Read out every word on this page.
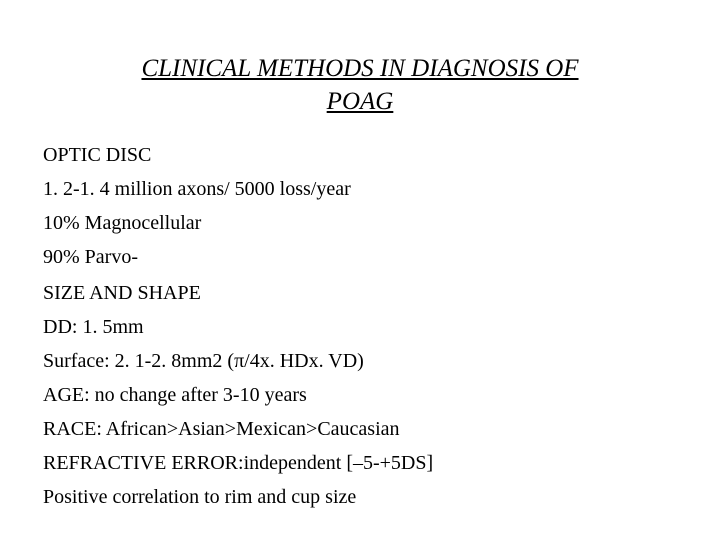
CLINICAL METHODS IN DIAGNOSIS OF
POAG
OPTIC DISC
1. 2-1. 4 million axons/ 5000 loss/year
10% Magnocellular
90% Parvo-
SIZE AND SHAPE
DD: 1. 5mm
Surface: 2. 1-2. 8mm2 (π/4x. HDx. VD)
AGE: no change after 3-10 years
RACE: African>Asian>Mexican>Caucasian
REFRACTIVE ERROR:independent [–5-+5DS]
Positive correlation to rim and cup size
